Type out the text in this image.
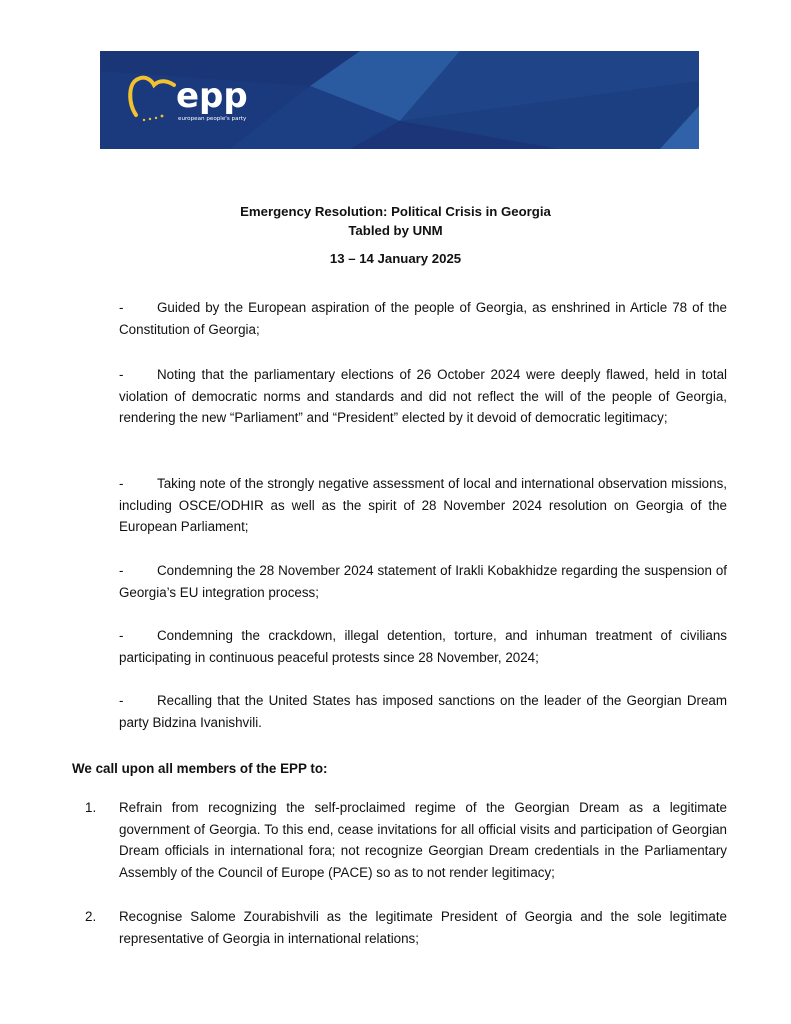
epp
european people's party
Emergency Resolution: Political Crisis in Georgia
Tabled by UNM
13 – 14 January 2025
-	Guided by the European aspiration of the people of Georgia, as enshrined in Article 78 of the Constitution of Georgia;
-	Noting that the parliamentary elections of 26 October 2024 were deeply flawed, held in total violation of democratic norms and standards and did not reflect the will of the people of Georgia, rendering the new “Parliament” and “President” elected by it devoid of democratic legitimacy;
-	Taking note of the strongly negative assessment of local and international observation missions, including OSCE/ODHIR as well as the spirit of 28 November 2024 resolution on Georgia of the European Parliament;
-	Condemning the 28 November 2024 statement of Irakli Kobakhidze regarding the suspension of Georgia’s EU integration process;
-	Condemning the crackdown, illegal detention, torture, and inhuman treatment of civilians participating in continuous peaceful protests since 28 November, 2024;
-	Recalling that the United States has imposed sanctions on the leader of the Georgian Dream party Bidzina Ivanishvili.
We call upon all members of the EPP to:
1. Refrain from recognizing the self-proclaimed regime of the Georgian Dream as a legitimate government of Georgia. To this end, cease invitations for all official visits and participation of Georgian Dream officials in international fora; not recognize Georgian Dream credentials in the Parliamentary Assembly of the Council of Europe (PACE) so as to not render legitimacy;
2. Recognise Salome Zourabishvili as the legitimate President of Georgia and the sole legitimate representative of Georgia in international relations;
